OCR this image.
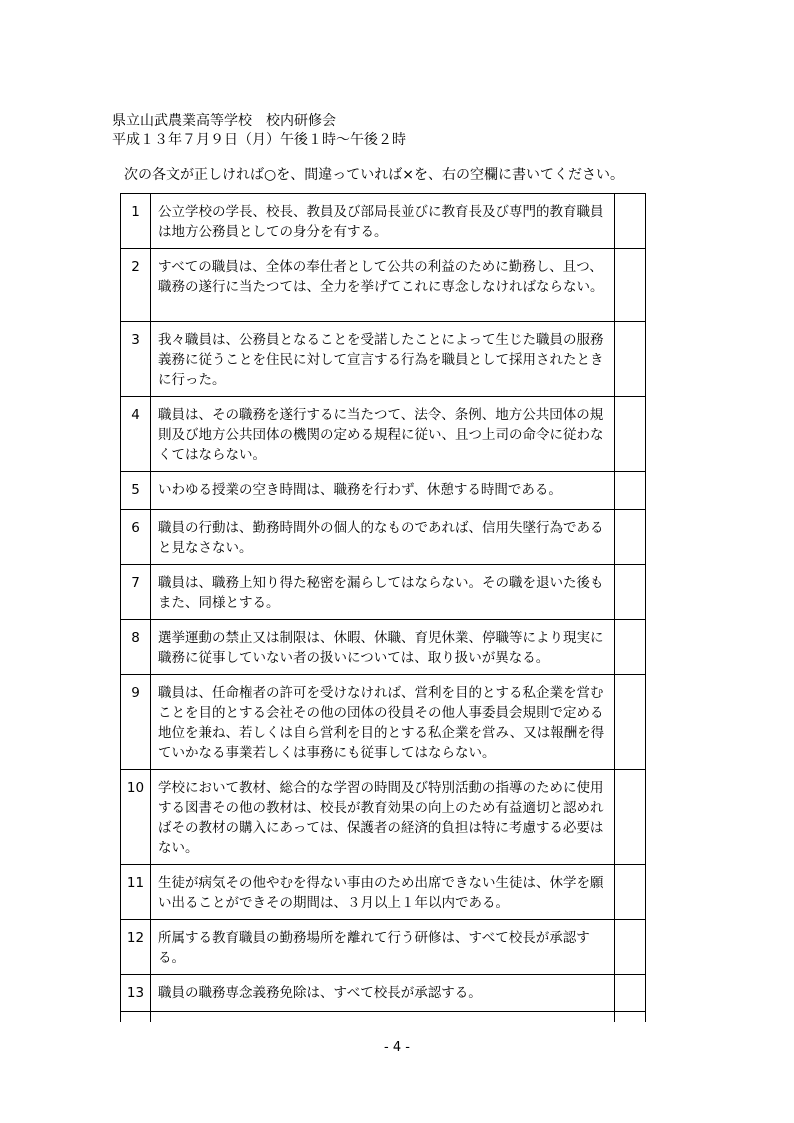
県立山武農業高等学校　校内研修会
平成１３年７月９日（月）午後１時〜午後２時
次の各文が正しければ○を、間違っていれば×を、右の空欄に書いてください。
1	公立学校の学長、校長、教員及び部局長並びに教育長及び専門的教育職員は地方公務員としての身分を有する。	
2	すべての職員は、全体の奉仕者として公共の利益のために勤務し、且つ、職務の遂行に当たつては、全力を挙げてこれに専念しなければならない。	
3	我々職員は、公務員となることを受諾したことによって生じた職員の服務義務に従うことを住民に対して宣言する行為を職員として採用されたときに行った。	
4	職員は、その職務を遂行するに当たつて、法令、条例、地方公共団体の規則及び地方公共団体の機関の定める規程に従い、且つ上司の命令に従わなくてはならない。	
5	いわゆる授業の空き時間は、職務を行わず、休憩する時間である。	
6	職員の行動は、勤務時間外の個人的なものであれば、信用失墜行為であると見なさない。	
7	職員は、職務上知り得た秘密を漏らしてはならない。その職を退いた後もまた、同様とする。	
8	選挙運動の禁止又は制限は、休暇、休職、育児休業、停職等により現実に職務に従事していない者の扱いについては、取り扱いが異なる。	
9	職員は、任命権者の許可を受けなければ、営利を目的とする私企業を営むことを目的とする会社その他の団体の役員その他人事委員会規則で定める地位を兼ね、若しくは自ら営利を目的とする私企業を営み、又は報酬を得ていかなる事業若しくは事務にも従事してはならない。	
10	学校において教材、総合的な学習の時間及び特別活動の指導のために使用する図書その他の教材は、校長が教育効果の向上のため有益適切と認めればその教材の購入にあっては、保護者の経済的負担は特に考慮する必要はない。	
11	生徒が病気その他やむを得ない事由のため出席できない生徒は、休学を願い出ることができその期間は、３月以上１年以内である。	
12	所属する教育職員の勤務場所を離れて行う研修は、すべて校長が承認する。	
13	職員の職務専念義務免除は、すべて校長が承認する。	

- 4 -
